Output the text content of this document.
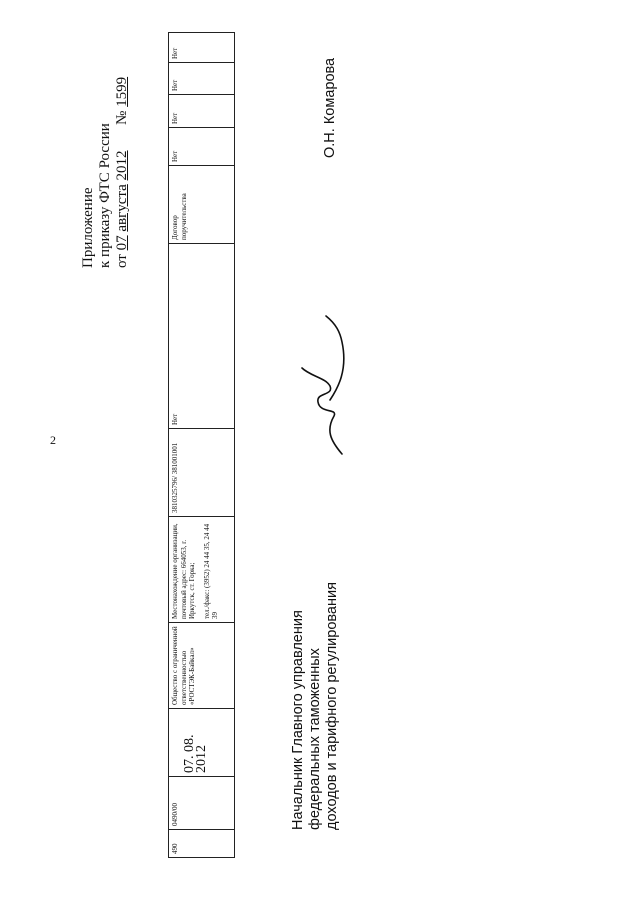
2
Приложение к приказу ФТС России от 07 августа 2012  № 1599
490
0490/00
07. 08. 2012
Общество с ограниченной ответственностью «РОСТЭК-Байкал»

Местонахождение организации, почтовый адрес: 664053, г. Иркутск, ст. Горка; тел./факс: (3952) 24 44 35, 24 44 39

3810325796/ 381001001
Нет
Договор поручительства
Нет
Нет
Нет
Нет
Начальник Главного управления федеральных таможенных доходов и тарифного регулирования
О.Н. Комарова
